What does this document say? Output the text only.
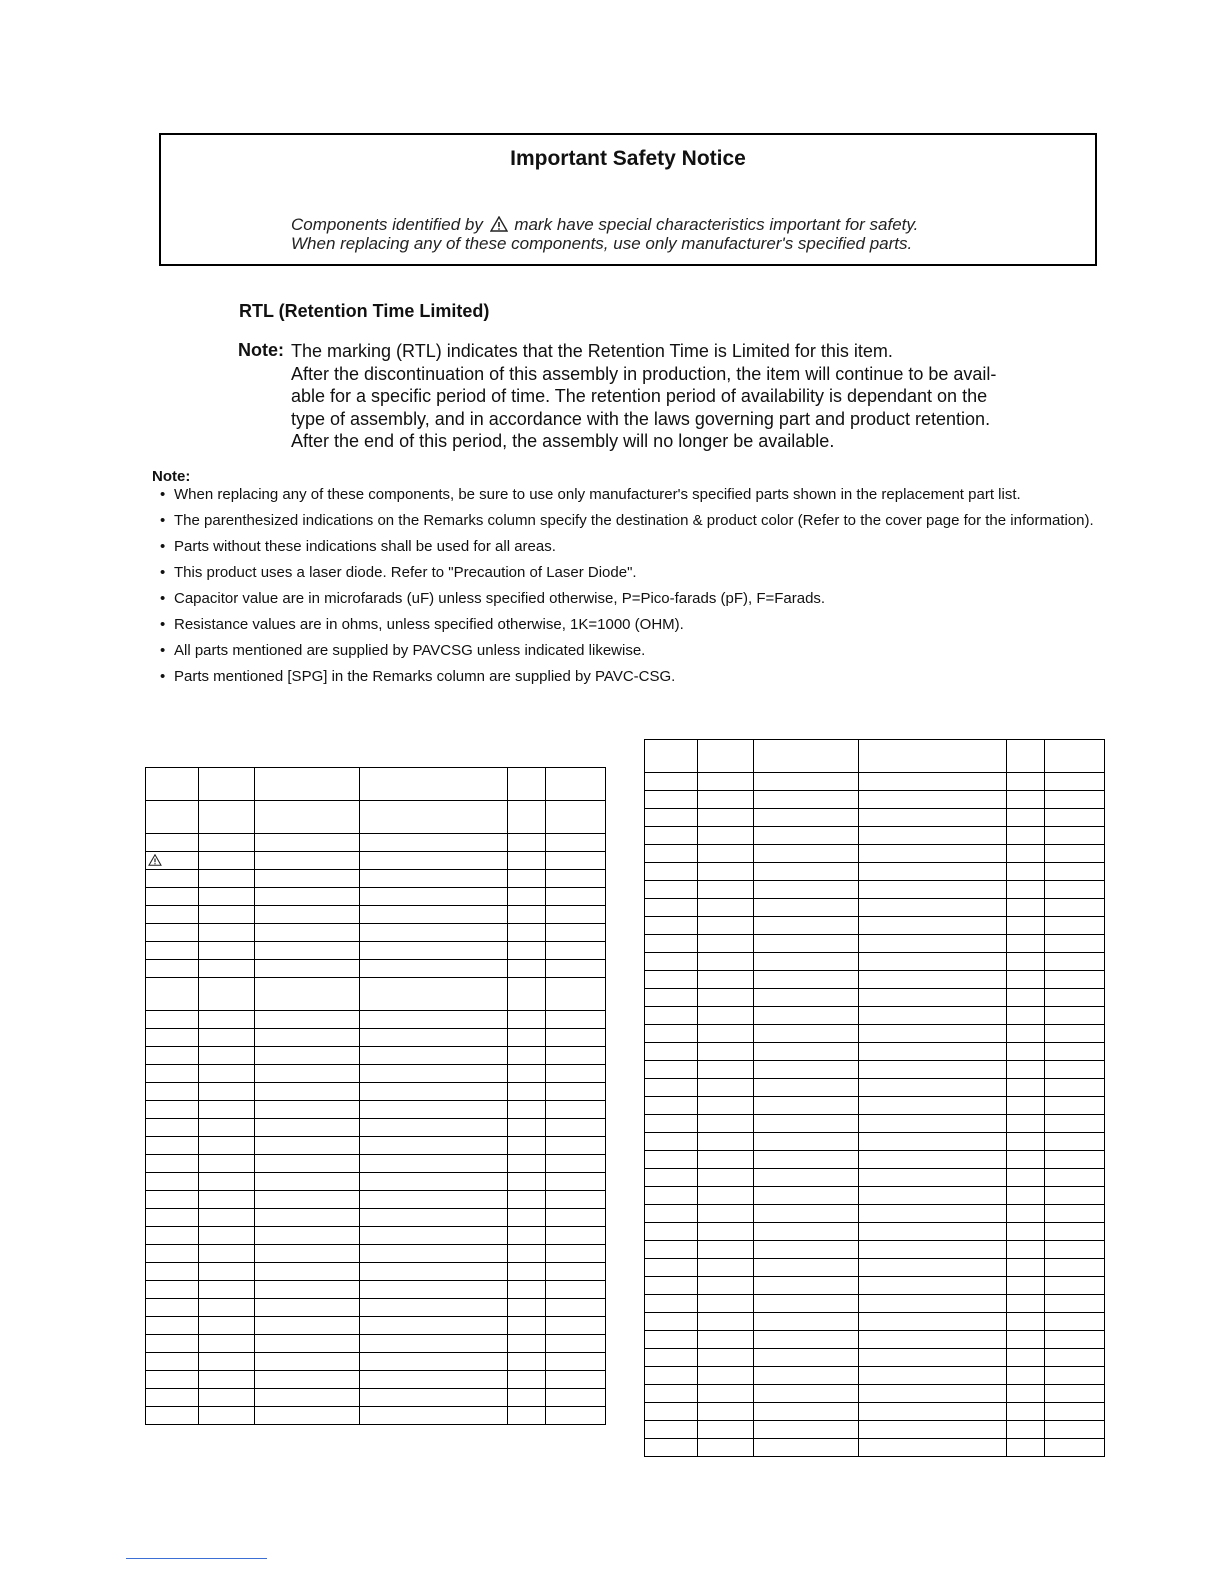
Important Safety Notice
Components identified by mark have special characteristics important for safety.
When replacing any of these components, use only manufacturer's specified parts.
RTL (Retention Time Limited)
Note: The marking (RTL) indicates that the Retention Time is Limited for this item.
After the discontinuation of this assembly in production, the item will continue to be avail-
able for a specific period of time. The retention period of availability is dependant on the
type of assembly, and in accordance with the laws governing part and product retention.
After the end of this period, the assembly will no longer be available.
Note:
• When replacing any of these components, be sure to use only manufacturer's specified parts shown in the replacement part list.
• The parenthesized indications on the Remarks column specify the destination & product color (Refer to the cover page for the information).
• Parts without these indications shall be used for all areas.
• This product uses a laser diode. Refer to "Precaution of Laser Diode".
• Capacitor value are in microfarads (uF) unless specified otherwise, P=Pico-farads (pF), F=Farads.
• Resistance values are in ohms, unless specified otherwise, 1K=1000 (OHM).
• All parts mentioned are supplied by PAVCSG unless indicated likewise.
• Parts mentioned [SPG] in the Remarks column are supplied by PAVC-CSG.
